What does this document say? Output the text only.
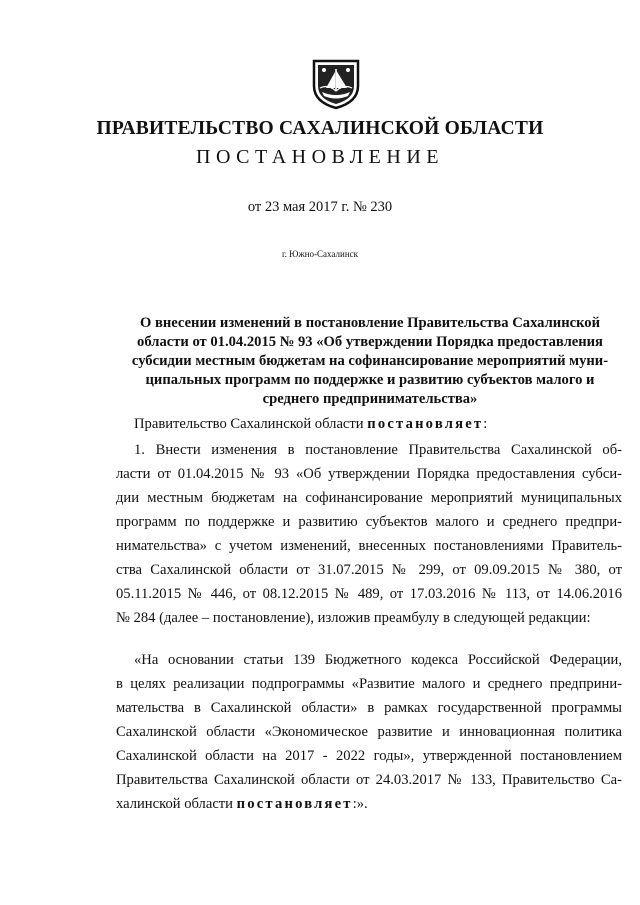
ПРАВИТЕЛЬСТВО САХАЛИНСКОЙ ОБЛАСТИ
ПОСТАНОВЛЕНИЕ
от 23 мая 2017 г. № 230
г. Южно-Сахалинск
О внесении изменений в постановление Правительства Сахалинской
области от 01.04.2015 № 93 «Об утверждении Порядка предоставления
субсидии местным бюджетам на софинансирование мероприятий муни-
ципальных программ по поддержке и развитию субъектов малого и
среднего предпринимательства»
Правительство Сахалинской области постановляет:
1. Внести изменения в постановление Правительства Сахалинской об-
ласти от 01.04.2015 № 93 «Об утверждении Порядка предоставления субси-
дии местным бюджетам на софинансирование мероприятий муниципальных
программ по поддержке и развитию субъектов малого и среднего предпри-
нимательства» с учетом изменений, внесенных постановлениями Правитель-
ства Сахалинской области от 31.07.2015 № 299, от 09.09.2015 № 380, от
05.11.2015 № 446, от 08.12.2015 № 489, от 17.03.2016 № 113, от 14.06.2016
№ 284 (далее – постановление), изложив преамбулу в следующей редакции:
«На основании статьи 139 Бюджетного кодекса Российской Федерации,
в целях реализации подпрограммы «Развитие малого и среднего предприни-
мательства в Сахалинской области» в рамках государственной программы
Сахалинской области «Экономическое развитие и инновационная политика
Сахалинской области на 2017 - 2022 годы», утвержденной постановлением
Правительства Сахалинской области от 24.03.2017 № 133, Правительство Са-
халинской области постановляет:».
